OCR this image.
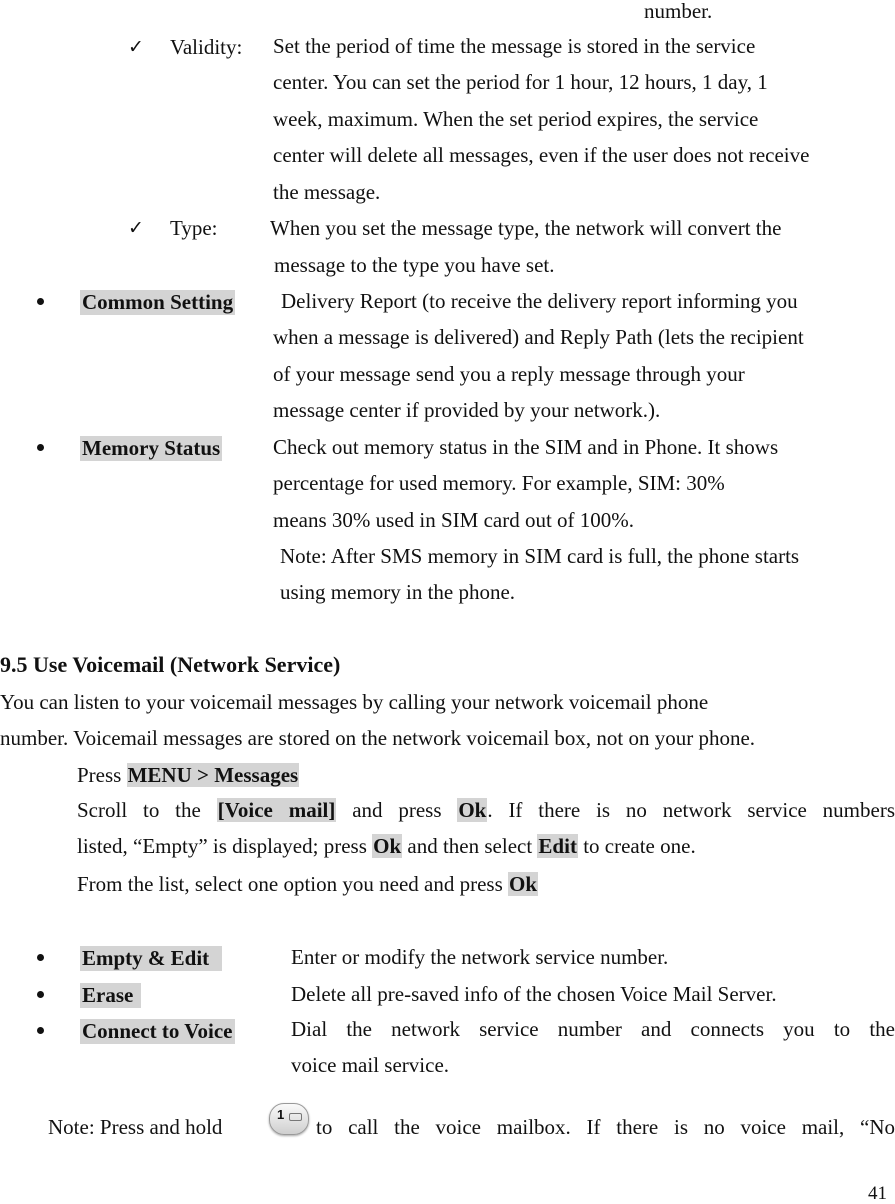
number.
✓ Validity: Set the period of time the message is stored in the service
center. You can set the period for 1 hour, 12 hours, 1 day, 1
week, maximum. When the set period expires, the service
center will delete all messages, even if the user does not receive
the message.
✓ Type: When you set the message type, the network will convert the
message to the type you have set.
Common Setting	Delivery Report (to receive the delivery report informing you
when a message is delivered) and Reply Path (lets the recipient
of your message send you a reply message through your
message center if provided by your network.).
Memory Status	Check out memory status in the SIM and in Phone. It shows
percentage for used memory. For example, SIM: 30%
means 30% used in SIM card out of 100%.
Note: After SMS memory in SIM card is full, the phone starts
using memory in the phone.
9.5 Use Voicemail (Network Service)
You can listen to your voicemail messages by calling your network voicemail phone
number. Voicemail messages are stored on the network voicemail box, not on your phone.
Press MENU > Messages
Scroll to the [Voice mail] and press Ok. If there is no network service numbers
listed, “Empty” is displayed; press Ok and then select Edit to create one.
From the list, select one option you need and press Ok
Empty & Edit	Enter or modify the network service number.
Erase	Delete all pre-saved info of the chosen Voice Mail Server.
Connect to Voice	Dial the network service number and connects you to the
voice mail service.
Note: Press and hold
1
to call the voice mailbox. If there is no voice mail, “No
41
